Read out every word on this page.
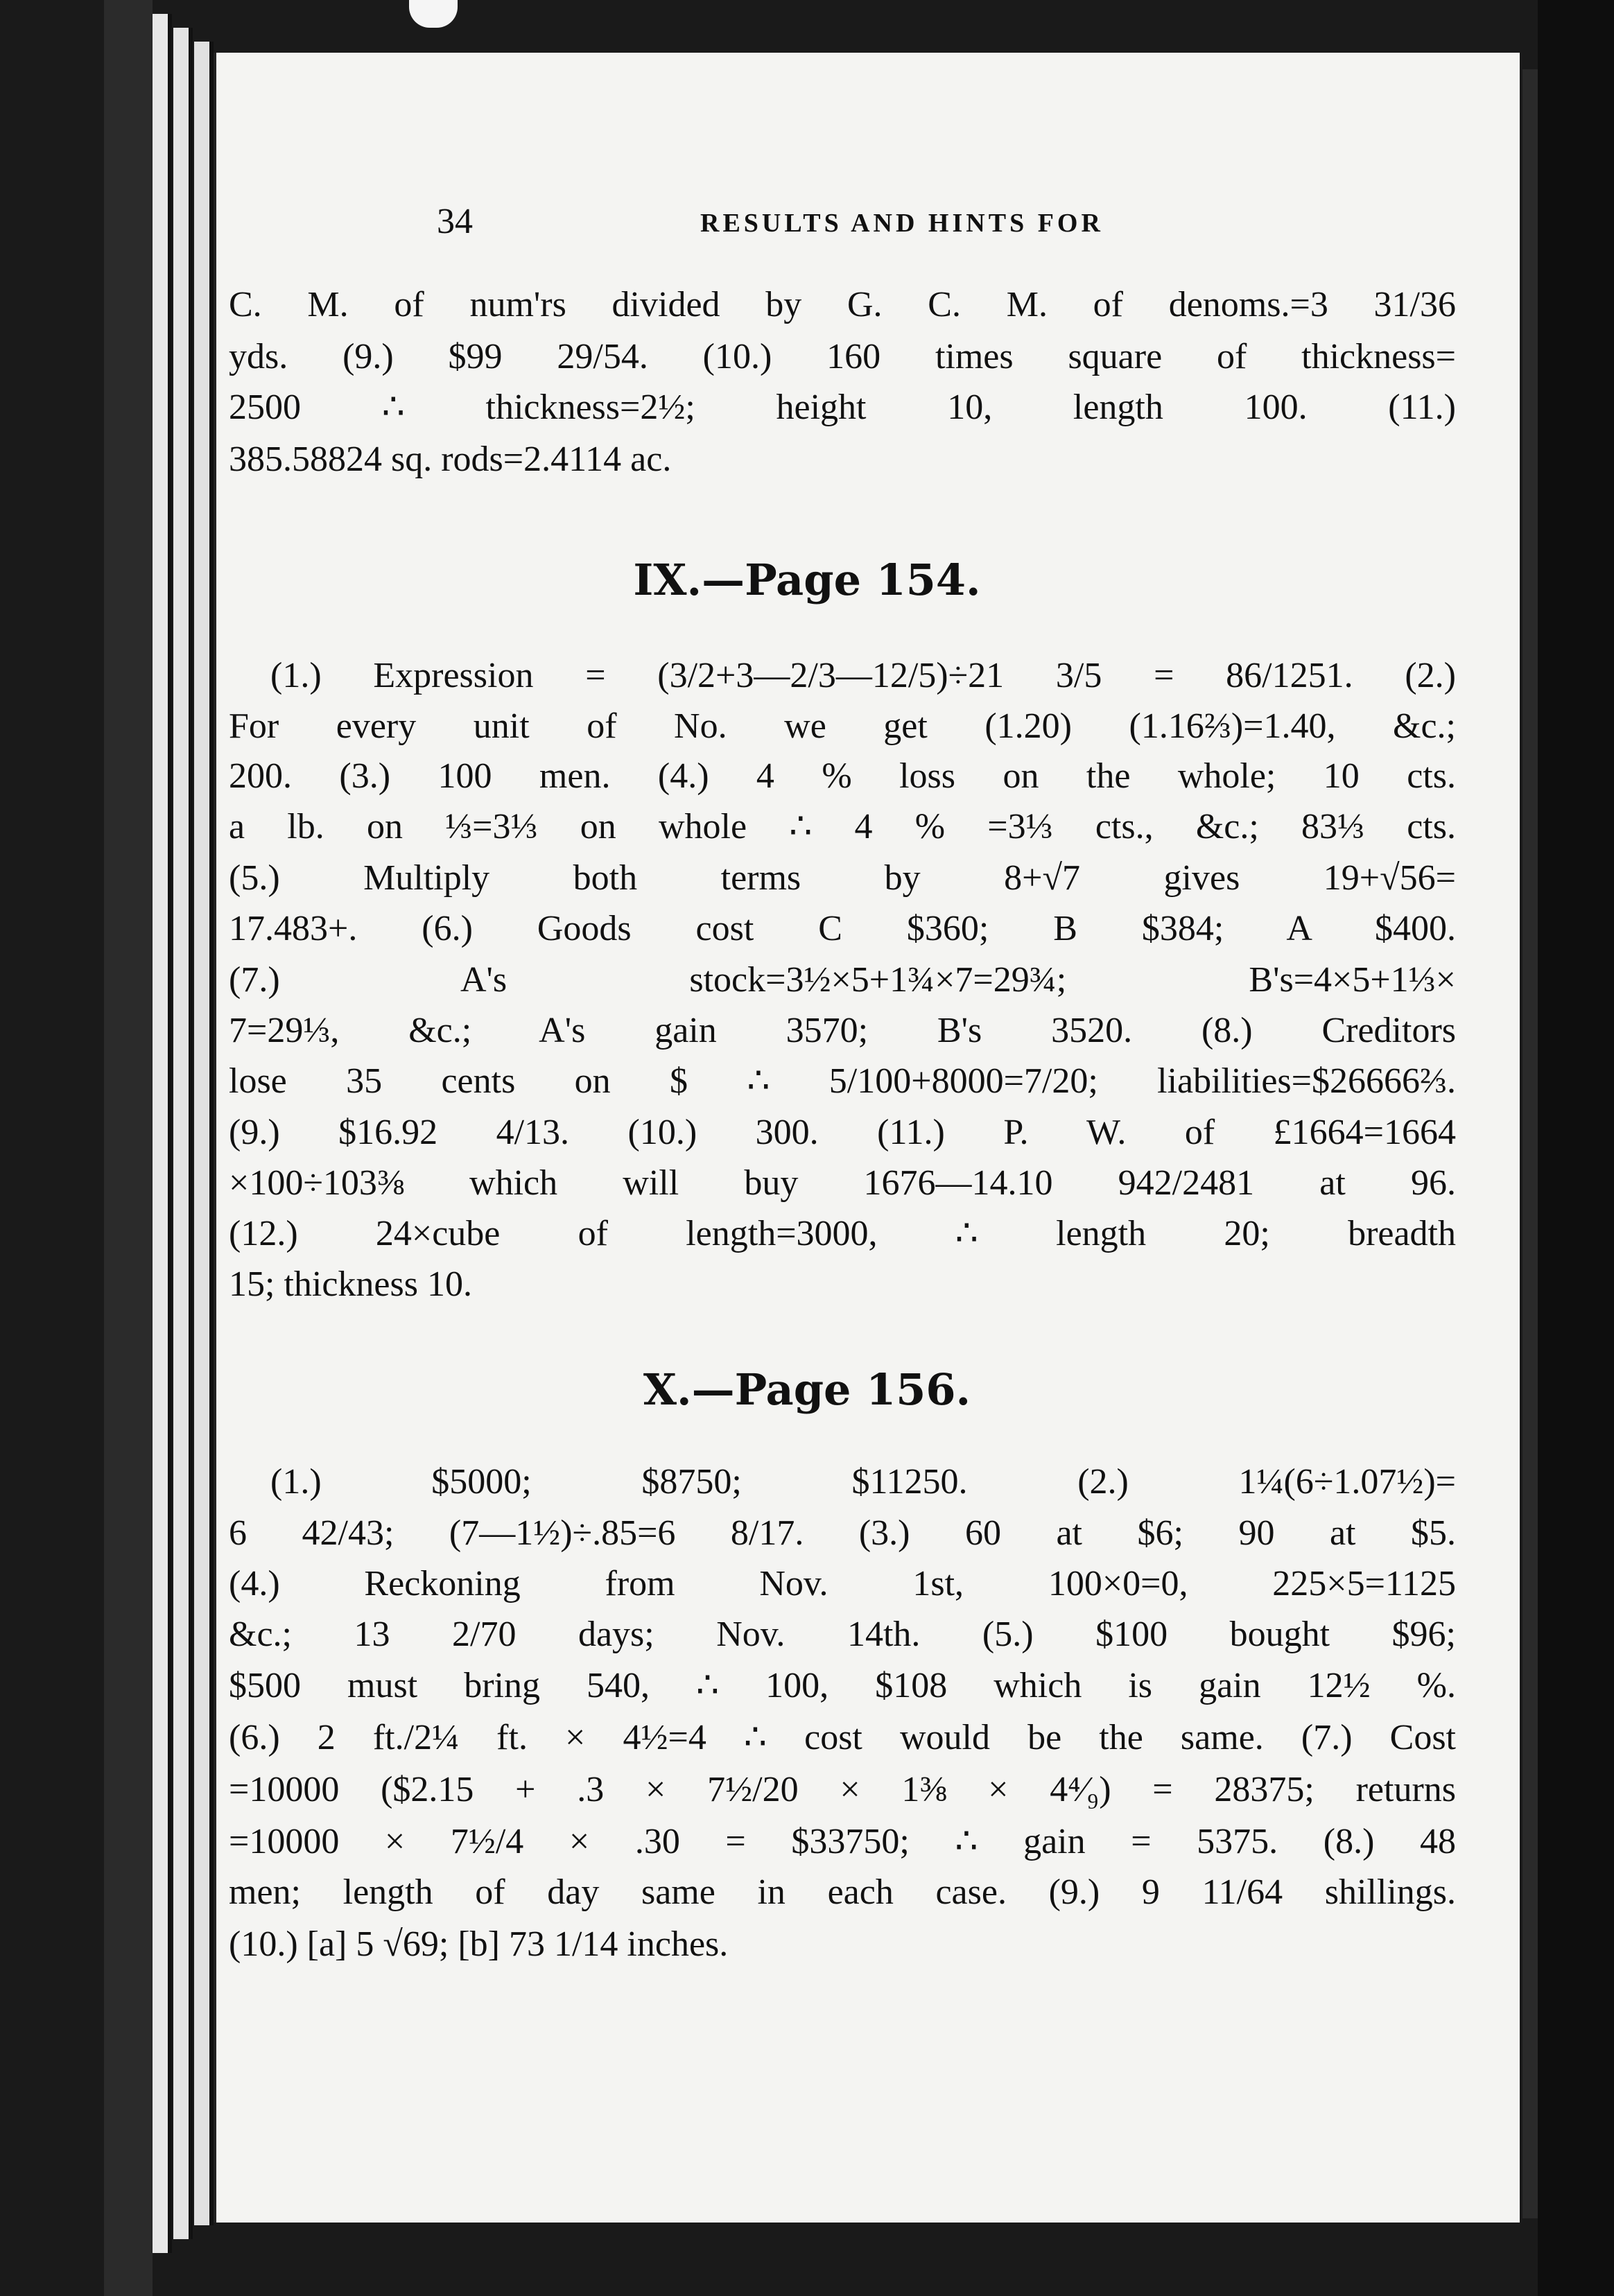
34	RESULTS AND HINTS FOR
C. M. of num'rs divided by G. C. M. of denoms.=3 31/36
yds. (9.) $99 29/54. (10.) 160 times square of thickness=
2500 ∴ thickness=2½; height 10, length 100. (11.)
385.58824 sq. rods=2.4114 ac.
IX.—Page 154.
(1.) Expression = (3/2+3—2/3—12/5)÷21 3/5 = 86/1251. (2.)
For every unit of No. we get (1.20) (1.16⅔)=1.40, &c.;
200. (3.) 100 men. (4.) 4 % loss on the whole; 10 cts.
a lb. on ⅓=3⅓ on whole ∴ 4 % =3⅓ cts., &c.; 83⅓ cts.
(5.) Multiply both terms by 8+√7 gives 19+√56=
17.483+. (6.) Goods cost C $360; B $384; A $400.
(7.) A's stock=3½×5+1¾×7=29¾; B's=4×5+1⅓×
7=29⅓, &c.; A's gain 3570; B's 3520. (8.) Creditors
lose 35 cents on $ ∴ 5/100+8000=7/20; liabilities=$26666⅔.
(9.) $16.92 4/13. (10.) 300. (11.) P. W. of £1664=1664
×100÷103⅜ which will buy 1676—14.10 942/2481 at 96.
(12.) 24×cube of length=3000, ∴ length 20; breadth
15; thickness 10.
X.—Page 156.
(1.) $5000; $8750; $11250. (2.) 1¼(6÷1.07½)=
6 42/43; (7—1½)÷.85=6 8/17. (3.) 60 at $6; 90 at $5.
(4.) Reckoning from Nov. 1st, 100×0=0, 225×5=1125
&c.; 13 2/70 days; Nov. 14th. (5.) $100 bought $96;
$500 must bring 540, ∴ 100, $108 which is gain 12½ %.
(6.) 2 ft./2¼ ft. × 4½=4 ∴ cost would be the same. (7.) Cost
=10000 ($2.15 + .3 × 7½/20 × 1⅜ × 4⁴⁄₉) = 28375; returns
=10000 × 7½/4 × .30 = $33750; ∴ gain = 5375. (8.) 48
men; length of day same in each case. (9.) 9 11/64 shillings.
(10.) [a] 5 √69; [b] 73 1/14 inches.
